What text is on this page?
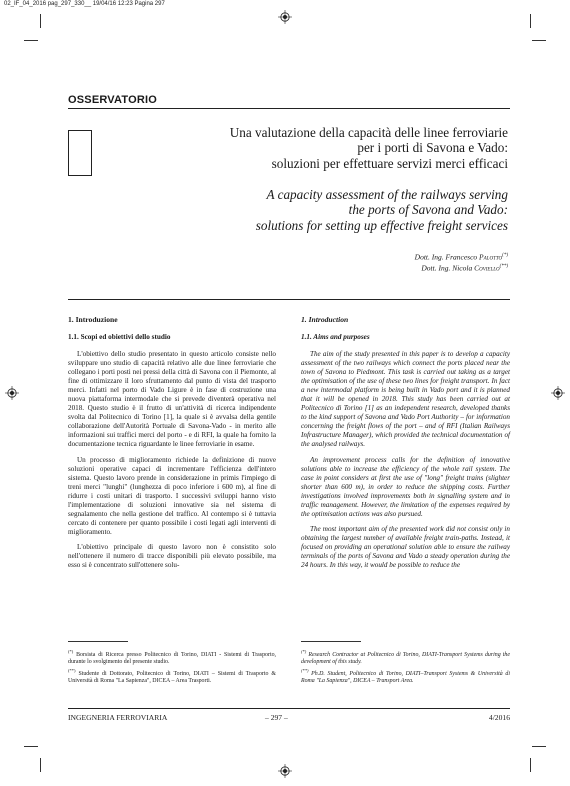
02_IF_04_2016 pag_297_330__ 19/04/16 12:23 Pagina 297
OSSERVATORIO
Una valutazione della capacità delle linee ferroviarie
per i porti di Savona e Vado:
soluzioni per effettuare servizi merci efficaci
A capacity assessment of the railways serving
the ports of Savona and Vado:
solutions for setting up effective freight services
Dott. Ing. Francesco Palotto(*)
Dott. Ing. Nicola Coviello(**)
1. Introduzione
1.1. Scopi ed obiettivi dello studio
L'obiettivo dello studio presentato in questo articolo consiste nello sviluppare uno studio di capacità relativo alle due linee ferroviarie che collegano i porti posti nei pressi della città di Savona con il Piemonte, al fine di ottimizzare il loro sfruttamento dal punto di vista del trasporto merci. Infatti nel porto di Vado Ligure è in fase di costruzione una nuova piattaforma intermodale che si prevede diventerà operativa nel 2018. Questo studio è il frutto di un'attività di ricerca indipendente svolta dal Politecnico di Torino [1], la quale si è avvalsa della gentile collaborazione dell'Autorità Portuale di Savona-Vado - in merito alle informazioni sui traffici merci del porto - e di RFI, la quale ha fornito la documentazione tecnica riguardante le linee ferroviarie in esame.
Un processo di miglioramento richiede la definizione di nuove soluzioni operative capaci di incrementare l'efficienza dell'intero sistema. Questo lavoro prende in considerazione in primis l'impiego di treni merci "lunghi" (lunghezza di poco inferiore i 600 m), al fine di ridurre i costi unitari di trasporto. I successivi sviluppi hanno visto l'implementazione di soluzioni innovative sia nel sistema di segnalamento che nella gestione del traffico. Al contempo si è tuttavia cercato di contenere per quanto possibile i costi legati agli interventi di miglioramento.
L'obiettivo principale di questo lavoro non è consistito solo nell'ottenere il numero di tracce disponibili più elevato possibile, ma esso si è concentrato sull'ottenere solu-
(*) Borsista di Ricerca presso Politecnico di Torino, DIATI - Sistemi di Trasporto, durante lo svolgimento del presente studio.
(**) Studente di Dottorato, Politecnico di Torino, DIATI – Sistemi di Trasporto & Università di Roma "La Sapienza", DICEA – Area Trasporti.
1. Introduction
1.1. Aims and purposes
The aim of the study presented in this paper is to develop a capacity assessment of the two railways which connect the ports placed near the town of Savona to Piedmont. This task is carried out taking as a target the optimisation of the use of these two lines for freight transport. In fact a new intermodal platform is being built in Vado port and it is planned that it will be opened in 2018. This study has been carried out at Politecnico di Torino [1] as an independent research, developed thanks to the kind support of Savona and Vado Port Authority – for information concerning the freight flows of the port – and of RFI (Italian Railways Infrastructure Manager), which provided the technical documentation of the analysed railways.
An improvement process calls for the definition of innovative solutions able to increase the efficiency of the whole rail system. The case in point considers at first the use of "long" freight trains (slighter shorter than 600 m), in order to reduce the shipping costs. Further investigations involved improvements both in signalling system and in traffic management. However, the limitation of the expenses required by the optimisation actions was also pursued.
The most important aim of the presented work did not consist only in obtaining the largest number of available freight train-paths. Instead, it focused on providing an operational solution able to ensure the railway terminals of the ports of Savona and Vado a steady operation during the 24 hours. In this way, it would be possible to reduce the
(*) Research Contractor at Politecnico di Torino, DIATI-Transport Systems during the development of this study.
(**) Ph.D. Student, Politecnico di Torino, DIATI–Transport Systems & Università di Roma "La Sapienza", DICEA – Transport Area.
INGEGNERIA FERROVIARIA	– 297 –	4/2016
